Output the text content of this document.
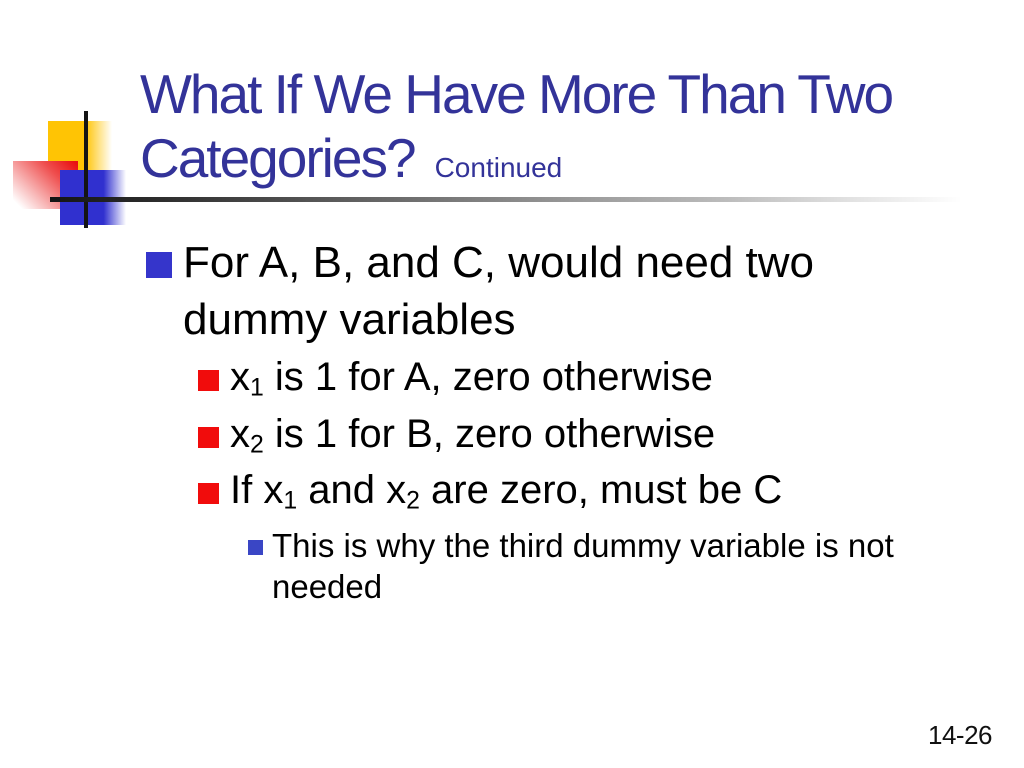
What If We Have More Than Two
Categories? Continued
For A, B, and C, would need two
dummy variables
$x_1$ is 1 for A, zero otherwise
$x_2$ is 1 for B, zero otherwise
If $x_1$ and $x_2$ are zero, must be C
This is why the third dummy variable is not
needed
14-26
